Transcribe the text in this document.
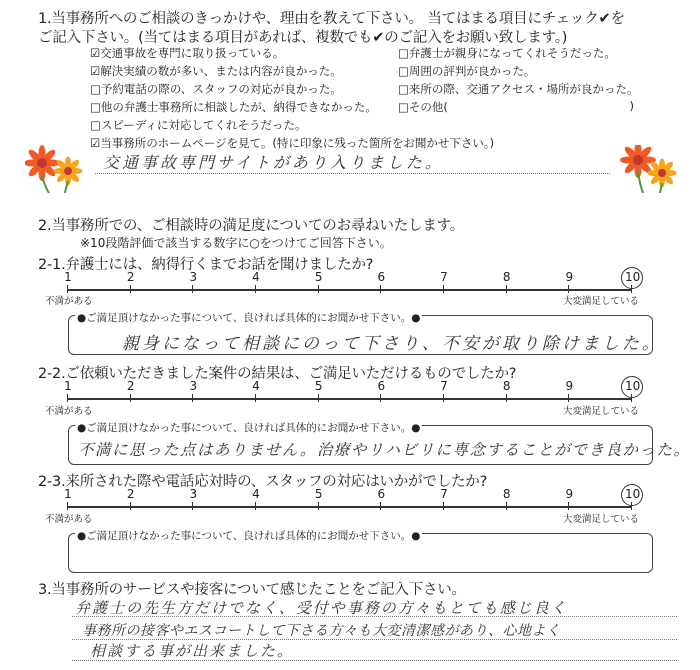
1.当事務所へのご相談のきっかけや、理由を教えて下さい。 当てはまる項目にチェック✔を
ご記入下さい。(当てはまる項目があれば、複数でも✔のご記入をお願い致します。)
☑交通事故を専門に取り扱っている。
☑解決実績の数が多い、または内容が良かった。
□予約電話の際の、スタッフの対応が良かった。
□他の弁護士事務所に相談したが、納得できなかった。
□スピーディに対応してくれそうだった。
☑当事務所のホームページを見て。(特に印象に残った箇所をお聞かせ下さい。)
□弁護士が親身になってくれそうだった。
□周囲の評判が良かった。
□来所の際、交通アクセス・場所が良かった。
□その他(	)
交通事故専門サイトがあり入りました。
2.当事務所での、ご相談時の満足度についてのお尋ねいたします。
※10段階評価で該当する数字に○をつけてご回答下さい。
2-1.弁護士には、納得行くまでお話を聞けましたか?
1	2	3	4	5	6	7	8	9	10
不満がある	大変満足している
●ご満足頂けなかった事について、良ければ具体的にお聞かせ下さい。●
親身になって相談にのって下さり、不安が取り除けました。
2-2.ご依頼いただきました案件の結果は、ご満足いただけるものでしたか?
1	2	3	4	5	6	7	8	9	10
不満がある	大変満足している
●ご満足頂けなかった事について、良ければ具体的にお聞かせ下さい。●
不満に思った点はありません。治療やリハビリに専念することができ良かった。
2-3.来所された際や電話応対時の、スタッフの対応はいかがでしたか?
1	2	3	4	5	6	7	8	9	10
不満がある	大変満足している
●ご満足頂けなかった事について、良ければ具体的にお聞かせ下さい。●
3.当事務所のサービスや接客について感じたことをご記入下さい。
弁護士の先生方だけでなく、受付や事務の方々もとても感じ良く
事務所の接客やエスコートして下さる方々も大変清潔感があり、心地よく
相談する事が出来ました。
